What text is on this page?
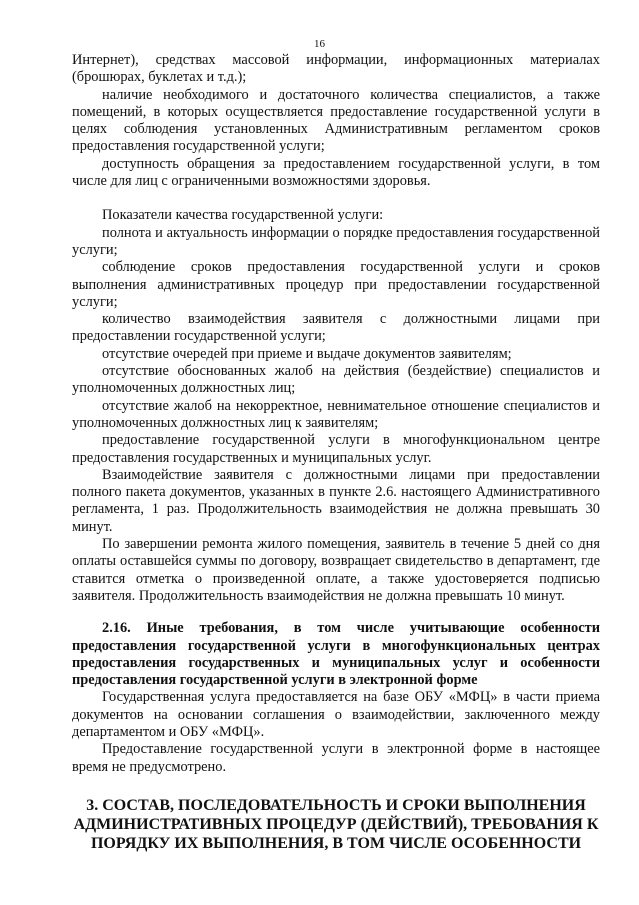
16

Интернет), средствах массовой информации, информационных материалах (брошюрах, буклетах и т.д.);

наличие необходимого и достаточного количества специалистов, а также помещений, в которых осуществляется предоставление государственной услуги в целях соблюдения установленных Административным регламентом сроков предоставления государственной услуги;

доступность обращения за предоставлением государственной услуги, в том числе для лиц с ограниченными возможностями здоровья.

Показатели качества государственной услуги:

полнота и актуальность информации о порядке предоставления государственной услуги;

соблюдение сроков предоставления государственной услуги и сроков выполнения административных процедур при предоставлении государственной услуги;

количество взаимодействия заявителя с должностными лицами при предоставлении государственной услуги;

отсутствие очередей при приеме и выдаче документов заявителям;

отсутствие обоснованных жалоб на действия (бездействие) специалистов и уполномоченных должностных лиц;

отсутствие жалоб на некорректное, невнимательное отношение специалистов и уполномоченных должностных лиц к заявителям;

предоставление государственной услуги в многофункциональном центре предоставления государственных и муниципальных услуг.

Взаимодействие заявителя с должностными лицами при предоставлении полного пакета документов, указанных в пункте 2.6. настоящего Административного регламента, 1 раз. Продолжительность взаимодействия не должна превышать 30 минут.

По завершении ремонта жилого помещения, заявитель в течение 5 дней со дня оплаты оставшейся суммы по договору, возвращает свидетельство в департамент, где ставится отметка о произведенной оплате, а также удостоверяется подписью заявителя. Продолжительность взаимодействия не должна превышать 10 минут.

2.16. Иные требования, в том числе учитывающие особенности предоставления государственной услуги в многофункциональных центрах предоставления государственных и муниципальных услуг и особенности предоставления государственной услуги в электронной форме

Государственная услуга предоставляется на базе ОБУ «МФЦ» в части приема документов на основании соглашения о взаимодействии, заключенного между департаментом и ОБУ «МФЦ».

Предоставление государственной услуги в электронной форме в настоящее время не предусмотрено.

3. СОСТАВ, ПОСЛЕДОВАТЕЛЬНОСТЬ И СРОКИ ВЫПОЛНЕНИЯ АДМИНИСТРАТИВНЫХ ПРОЦЕДУР (ДЕЙСТВИЙ), ТРЕБОВАНИЯ К ПОРЯДКУ ИХ ВЫПОЛНЕНИЯ, В ТОМ ЧИСЛЕ ОСОБЕННОСТИ
